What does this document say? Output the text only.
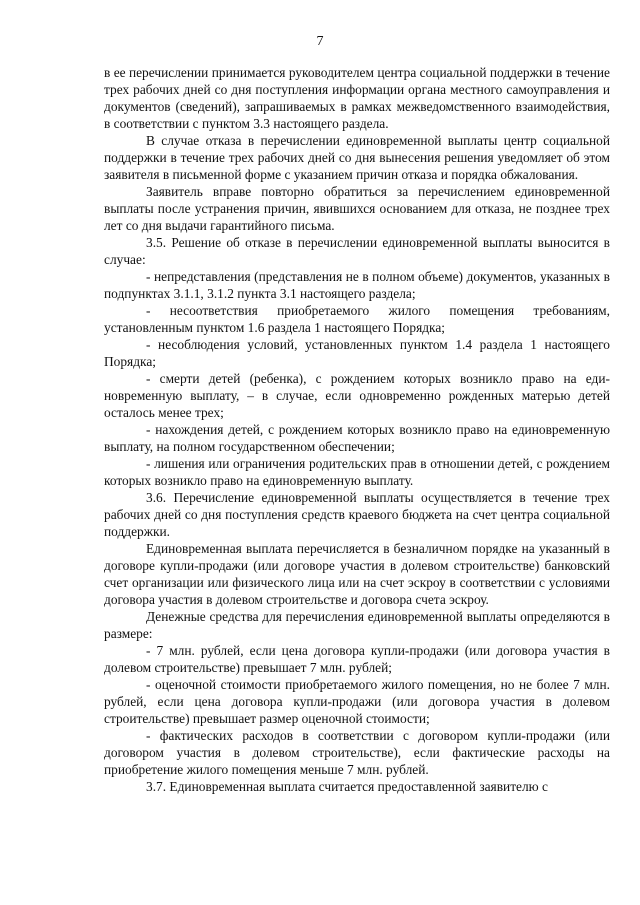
7

в ее перечислении принимается руководителем центра социальной поддержки в течение трех рабочих дней со дня поступления информации органа местного самоуправления и документов (сведений), запрашиваемых в рамках межведомственного взаимодействия, в соответствии с пунктом 3.3 настоящего раздела.

В случае отказа в перечислении единовременной выплаты центр социальной поддержки в течение трех рабочих дней со дня вынесения решения уведомляет об этом заявителя в письменной форме с указанием причин отказа и порядка обжалования.

Заявитель вправе повторно обратиться за перечислением единовременной выплаты после устранения причин, явившихся основанием для отказа, не позднее трех лет со дня выдачи гарантийного письма.

3.5. Решение об отказе в перечислении единовременной выплаты выносится в случае:

- непредставления (представления не в полном объеме) документов, указанных в подпунктах 3.1.1, 3.1.2 пункта 3.1 настоящего раздела;

- несоответствия приобретаемого жилого помещения требованиям, установленным пунктом 1.6 раздела 1 настоящего Порядка;

- несоблюдения условий, установленных пунктом 1.4 раздела 1 настоящего Порядка;

- смерти детей (ребенка), с рождением которых возникло право на единовременную выплату, – в случае, если одновременно рожденных матерью детей осталось менее трех;

- нахождения детей, с рождением которых возникло право на единовременную выплату, на полном государственном обеспечении;

- лишения или ограничения родительских прав в отношении детей, с рождением которых возникло право на единовременную выплату.

3.6. Перечисление единовременной выплаты осуществляется в течение трех рабочих дней со дня поступления средств краевого бюджета на счет центра социальной поддержки.

Единовременная выплата перечисляется в безналичном порядке на указанный в договоре купли-продажи (или договоре участия в долевом строительстве) банковский счет организации или физического лица или на счет эскроу в соответствии с условиями договора участия в долевом строительстве и договора счета эскроу.

Денежные средства для перечисления единовременной выплаты определяются в размере:

- 7 млн. рублей, если цена договора купли-продажи (или договора участия в долевом строительстве) превышает 7 млн. рублей;

- оценочной стоимости приобретаемого жилого помещения, но не более 7 млн. рублей, если цена договора купли-продажи (или договора участия в долевом строительстве) превышает размер оценочной стоимости;

- фактических расходов в соответствии с договором купли-продажи (или договором участия в долевом строительстве), если фактические расходы на приобретение жилого помещения меньше 7 млн. рублей.

3.7. Единовременная выплата считается предоставленной заявителю с
